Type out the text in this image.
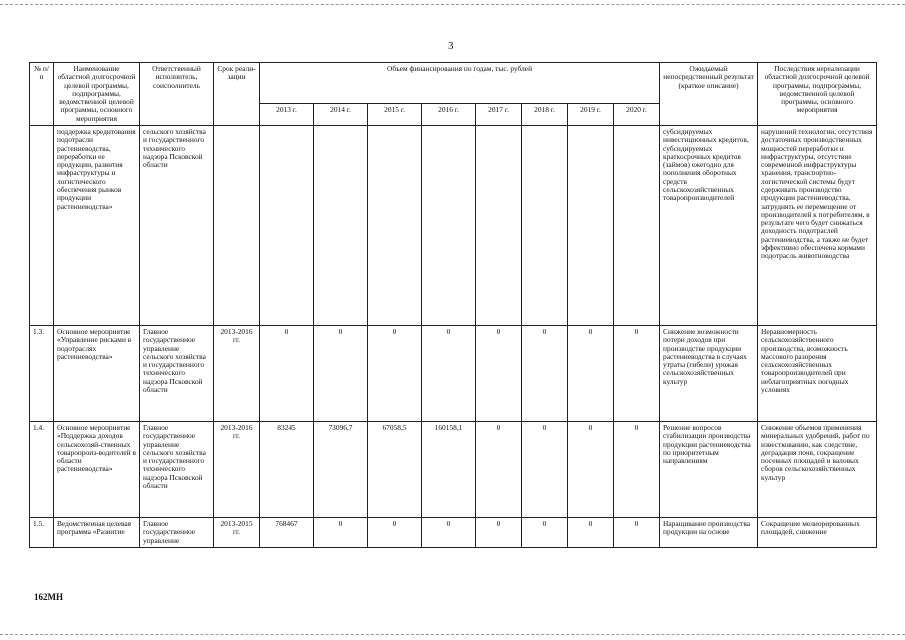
3
№ п/п	Наименование областной долгосрочной целевой программы, подпрограммы, ведомственной целевой программы, основного мероприятия	Ответственный исполнитель, соисполнитель	Срок реали-зации	Объем финансирования по годам, тыс. рублей								Ожидаемый непосредственный результат (краткое описание)	Последствия нереализации областной долгосрочной целевой программы, подпрограммы, ведомственной целевой программы, основного мероприятия
				2013 г.	2014 г.	2015 г.	2016 г.	2017 г.	2018 г.	2019 г.	2020 г.		
	поддержка кредитования подотрасли растениеводства, переработки ее продукции, развития инфраструктуры и логистического обеспечения рынков продукции растениеводства»	сельского хозяйства и государственного технического надзора Псковской области										субсидируемых инвестиционных кредитов, субсидируемых краткосрочных кредитов (займов) ежегодно для пополнения оборотных средств сельскохозяйственных товаропроизводителей	нарушений технологии, отсутствия достаточных производственных мощностей переработки и инфраструктуры, отсутствие современной инфраструктуры хранения, транспортно-логистической системы будут сдерживать производство продукции растениеводства, затруднять ее перемещение от производителей к потребителям, в результате чего будет снижаться доходность подотраслей растениеводства, а также не будет эффективно обеспечена кормами подотрасль животноводства
1.3.	Основное мероприятие «Управление рисками в подотраслях растениеводства»	Главное государственное управление сельского хозяйства и государственного технического надзора Псковской области	2013-2016 гг.	0	0	0	0	0	0	0	0	Снижение возможности потери доходов при производстве продукции растениеводства в случаях утраты (гибели) урожая сельскохозяйственных культур	Неравномерность сельскохозяйственного производства, возможность массового разорения сельскохозяйственных товаропроизводителей при неблагоприятных погодных условиях
1.4.	Основное мероприятие «Поддержка доходов сельскохозяй-ственных товаропроиз-водителей в области растениеводства»	Главное государственное управление сельского хозяйства и государственного технического надзора Псковской области	2013-2016 гг.	83245	73096,7	67058,5	160158,1	0	0	0	0	Решение вопросов стабилизации производства продукции растениеводства по приоритетным направлениям	Снижение объемов применения минеральных удобрений, работ по известкованию, как следствие, деградация почв, сокращение посевных площадей и валовых сборов сельскохозяйственных культур
1.5.	Ведомственная целевая программа «Развитие	Главное государственное управление	2013-2015 гг.	768467	0	0	0	0	0	0	0	Наращивание производства продукции на основе	Сокращение мелиорированных площадей, снижение
162МН
